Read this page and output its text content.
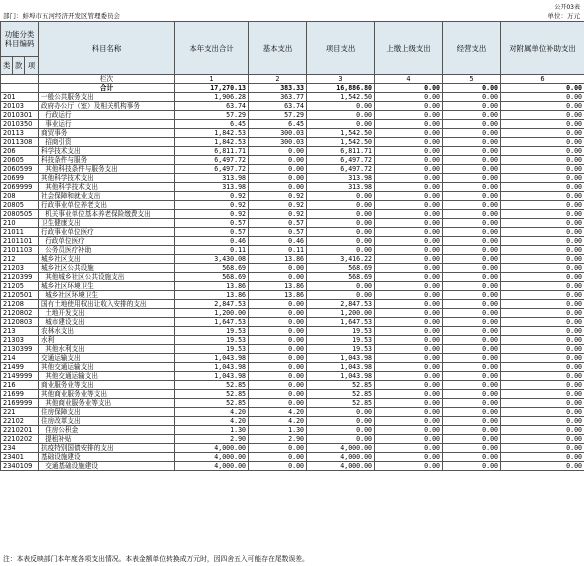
公开03表
部门：蚌埠市五河经济开发区管理委员会	单位：万元
功能分类科目编码			科目名称	本年支出合计	基本支出	项目支出	上缴上级支出	经营支出	对附属单位补助支出
类	款	项							
			栏次	1	2	3	4	5	6
			合计	17,270.13	383.33	16,886.80	0.00	0.00	0.00
201			一般公共服务支出	1,906.28	363.77	1,542.50	0.00	0.00	0.00
20103			政府办公厅（室）及相关机构事务	63.74	63.74	0.00	0.00	0.00	0.00
2010301			行政运行	57.29	57.29	0.00	0.00	0.00	0.00
2010350			事业运行	6.45	6.45	0.00	0.00	0.00	0.00
20113			商贸事务	1,842.53	300.03	1,542.50	0.00	0.00	0.00
2011308			招商引资	1,842.53	300.03	1,542.50	0.00	0.00	0.00
206			科学技术支出	6,811.71	0.00	6,811.71	0.00	0.00	0.00
20605			科技条件与服务	6,497.72	0.00	6,497.72	0.00	0.00	0.00
2060599			其他科技条件与服务支出	6,497.72	0.00	6,497.72	0.00	0.00	0.00
20699			其他科学技术支出	313.98	0.00	313.98	0.00	0.00	0.00
2069999			其他科学技术支出	313.98	0.00	313.98	0.00	0.00	0.00
208			社会保障和就业支出	0.92	0.92	0.00	0.00	0.00	0.00
20805			行政事业单位养老支出	0.92	0.92	0.00	0.00	0.00	0.00
2080505			机关事业单位基本养老保险缴费支出	0.92	0.92	0.00	0.00	0.00	0.00
210			卫生健康支出	0.57	0.57	0.00	0.00	0.00	0.00
21011			行政事业单位医疗	0.57	0.57	0.00	0.00	0.00	0.00
2101101			行政单位医疗	0.46	0.46	0.00	0.00	0.00	0.00
2101103			公务员医疗补助	0.11	0.11	0.00	0.00	0.00	0.00
212			城乡社区支出	3,430.08	13.86	3,416.22	0.00	0.00	0.00
21203			城乡社区公共设施	568.69	0.00	568.69	0.00	0.00	0.00
2120399			其他城乡社区公共设施支出	568.69	0.00	568.69	0.00	0.00	0.00
21205			城乡社区环境卫生	13.86	13.86	0.00	0.00	0.00	0.00
2120501			城乡社区环境卫生	13.86	13.86	0.00	0.00	0.00	0.00
21208			国有土地使用权出让收入安排的支出	2,847.53	0.00	2,847.53	0.00	0.00	0.00
2120802			土地开发支出	1,200.00	0.00	1,200.00	0.00	0.00	0.00
2120803			城市建设支出	1,647.53	0.00	1,647.53	0.00	0.00	0.00
213			农林水支出	19.53	0.00	19.53	0.00	0.00	0.00
21303			水利	19.53	0.00	19.53	0.00	0.00	0.00
2130399			其他水利支出	19.53	0.00	19.53	0.00	0.00	0.00
214			交通运输支出	1,043.98	0.00	1,043.98	0.00	0.00	0.00
21499			其他交通运输支出	1,043.98	0.00	1,043.98	0.00	0.00	0.00
2149999			其他交通运输支出	1,043.98	0.00	1,043.98	0.00	0.00	0.00
216			商业服务业等支出	52.85	0.00	52.85	0.00	0.00	0.00
21699			其他商业服务业等支出	52.85	0.00	52.85	0.00	0.00	0.00
2169999			其他商业服务业等支出	52.85	0.00	52.85	0.00	0.00	0.00
221			住房保障支出	4.20	4.20	0.00	0.00	0.00	0.00
22102			住房改革支出	4.20	4.20	0.00	0.00	0.00	0.00
2210201			住房公积金	1.30	1.30	0.00	0.00	0.00	0.00
2210202			提租补贴	2.90	2.90	0.00	0.00	0.00	0.00
234			抗疫特别国债安排的支出	4,000.00	0.00	4,000.00	0.00	0.00	0.00
23401			基础设施建设	4,000.00	0.00	4,000.00	0.00	0.00	0.00
2340109			交通基础设施建设	4,000.00	0.00	4,000.00	0.00	0.00	0.00
注：本表反映部门本年度各项支出情况。本表金额单位转换成万元时，因四舍五入可能存在尾数误差。
